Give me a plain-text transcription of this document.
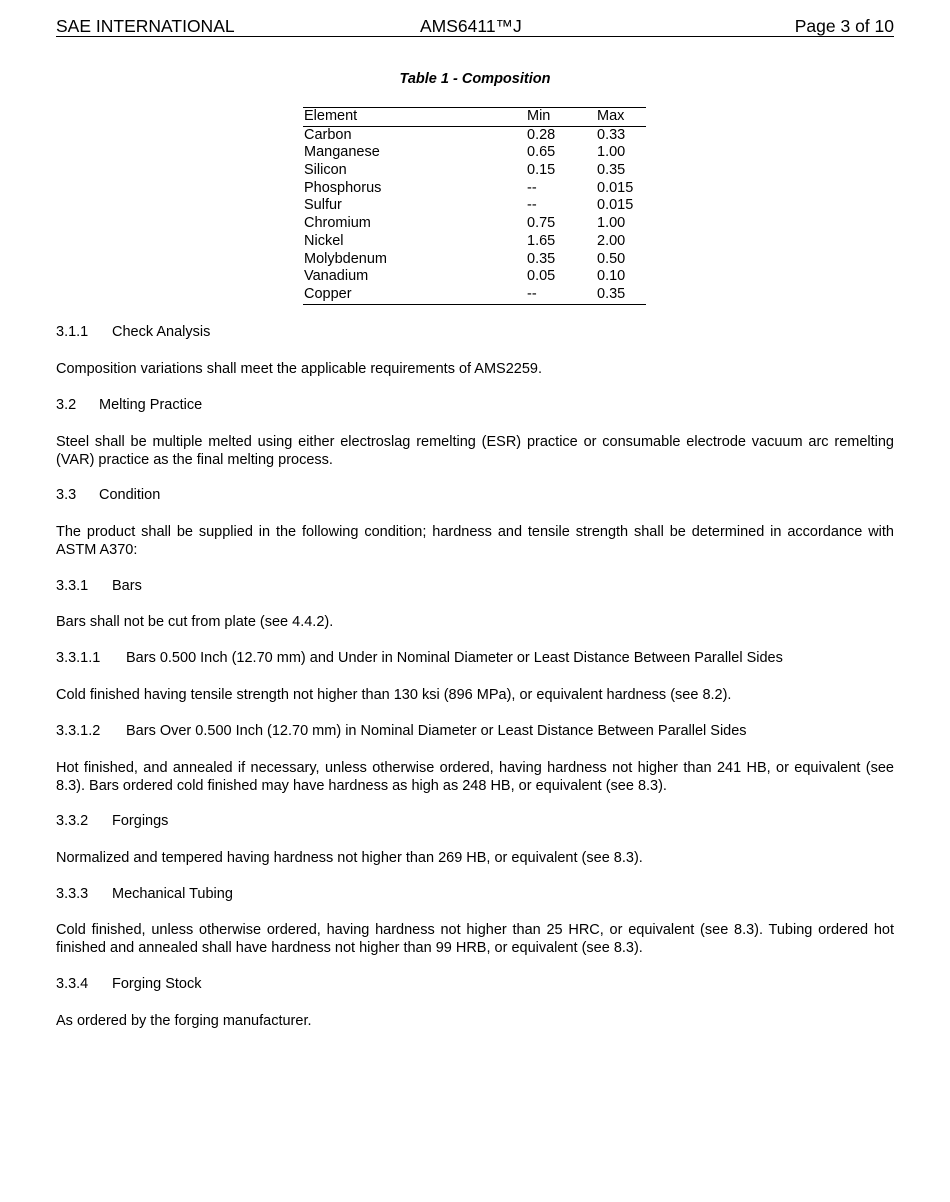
SAE INTERNATIONAL	AMS6411™J	Page 3 of 10
Table 1 - Composition
Element	Min	Max
Carbon	0.28	0.33
Manganese	0.65	1.00
Silicon	0.15	0.35
Phosphorus	--	0.015
Sulfur	--	0.015
Chromium	0.75	1.00
Nickel	1.65	2.00
Molybdenum	0.35	0.50
Vanadium	0.05	0.10
Copper	--	0.35
3.1.1 Check Analysis
Composition variations shall meet the applicable requirements of AMS2259.
3.2 Melting Practice
Steel shall be multiple melted using either electroslag remelting (ESR) practice or consumable electrode vacuum arc remelting (VAR) practice as the final melting process.
3.3 Condition
The product shall be supplied in the following condition; hardness and tensile strength shall be determined in accordance with ASTM A370:
3.3.1 Bars
Bars shall not be cut from plate (see 4.4.2).
3.3.1.1 Bars 0.500 Inch (12.70 mm) and Under in Nominal Diameter or Least Distance Between Parallel Sides
Cold finished having tensile strength not higher than 130 ksi (896 MPa), or equivalent hardness (see 8.2).
3.3.1.2 Bars Over 0.500 Inch (12.70 mm) in Nominal Diameter or Least Distance Between Parallel Sides
Hot finished, and annealed if necessary, unless otherwise ordered, having hardness not higher than 241 HB, or equivalent (see 8.3). Bars ordered cold finished may have hardness as high as 248 HB, or equivalent (see 8.3).
3.3.2 Forgings
Normalized and tempered having hardness not higher than 269 HB, or equivalent (see 8.3).
3.3.3 Mechanical Tubing
Cold finished, unless otherwise ordered, having hardness not higher than 25 HRC, or equivalent (see 8.3). Tubing ordered hot finished and annealed shall have hardness not higher than 99 HRB, or equivalent (see 8.3).
3.3.4 Forging Stock
As ordered by the forging manufacturer.
